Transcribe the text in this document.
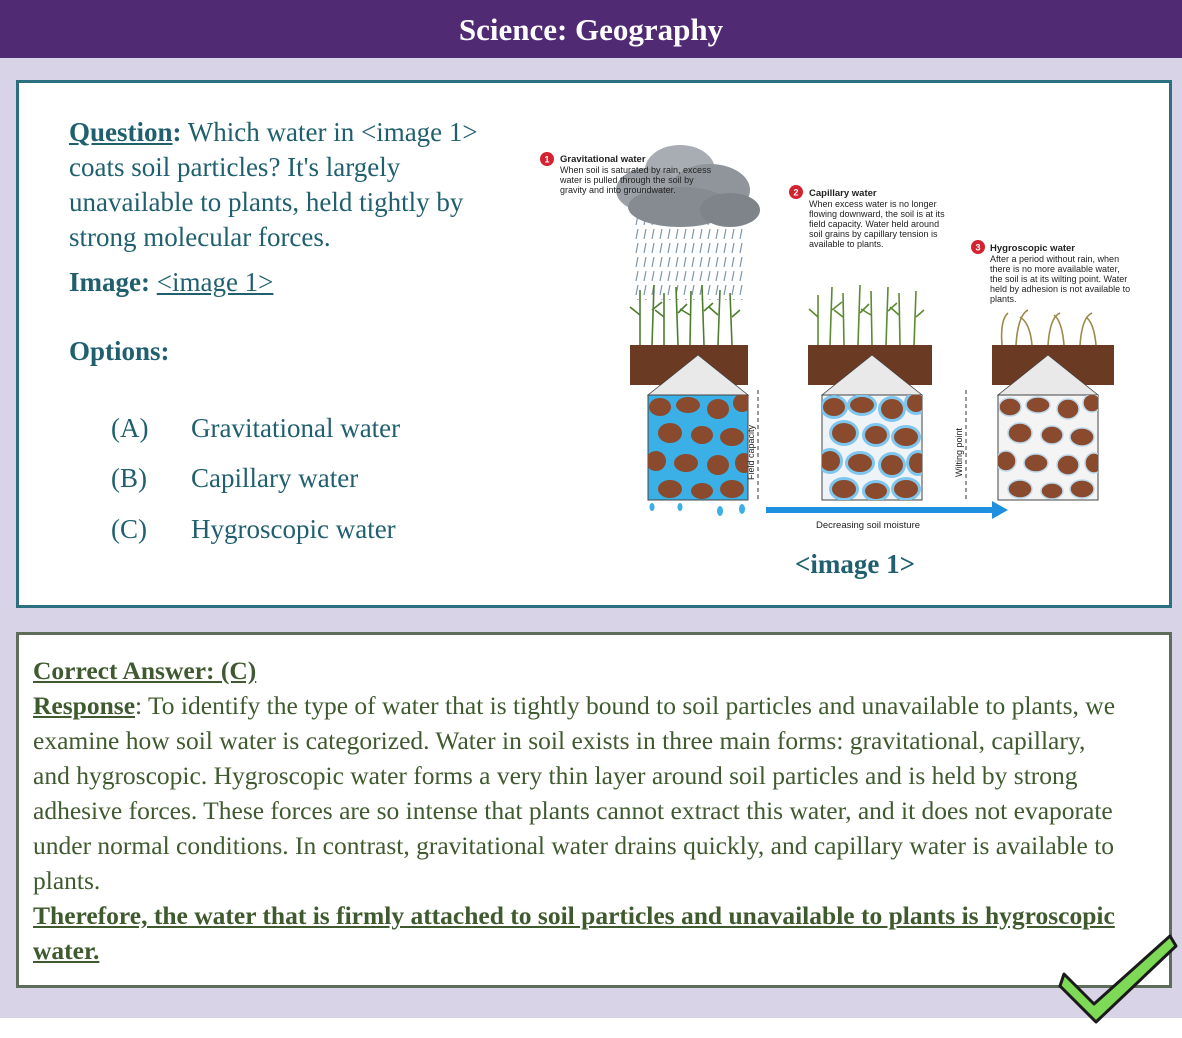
Science: Geography
Question: Which water in <image 1> coats soil particles? It's largely unavailable to plants, held tightly by strong molecular forces.
Image: <image 1>
Options:
(A) Gravitational water
(B) Capillary water
(C) Hygroscopic water
<image 1>
Field capacity	Wilting point
Decreasing soil moisture
1 Gravitational water
When soil is saturated by rain, excess
water is pulled through the soil by
gravity and into groundwater.	2 Capillary water
When excess water is no longer
flowing downward, the soil is at its
field capacity. Water held around
soil grains by capillary tension is
available to plants.	3 Hygroscopic water
After a period without rain, when
there is no more available water,
the soil is at its wilting point. Water
held by adhesion is not available to
plants.
Correct Answer: (C)
Response: To identify the type of water that is tightly bound to soil particles and unavailable to plants, we examine how soil water is categorized. Water in soil exists in three main forms: gravitational, capillary, and hygroscopic. Hygroscopic water forms a very thin layer around soil particles and is held by strong adhesive forces. These forces are so intense that plants cannot extract this water, and it does not evaporate under normal conditions. In contrast, gravitational water drains quickly, and capillary water is available to plants.
Therefore, the water that is firmly attached to soil particles and unavailable to plants is hygroscopic water.
